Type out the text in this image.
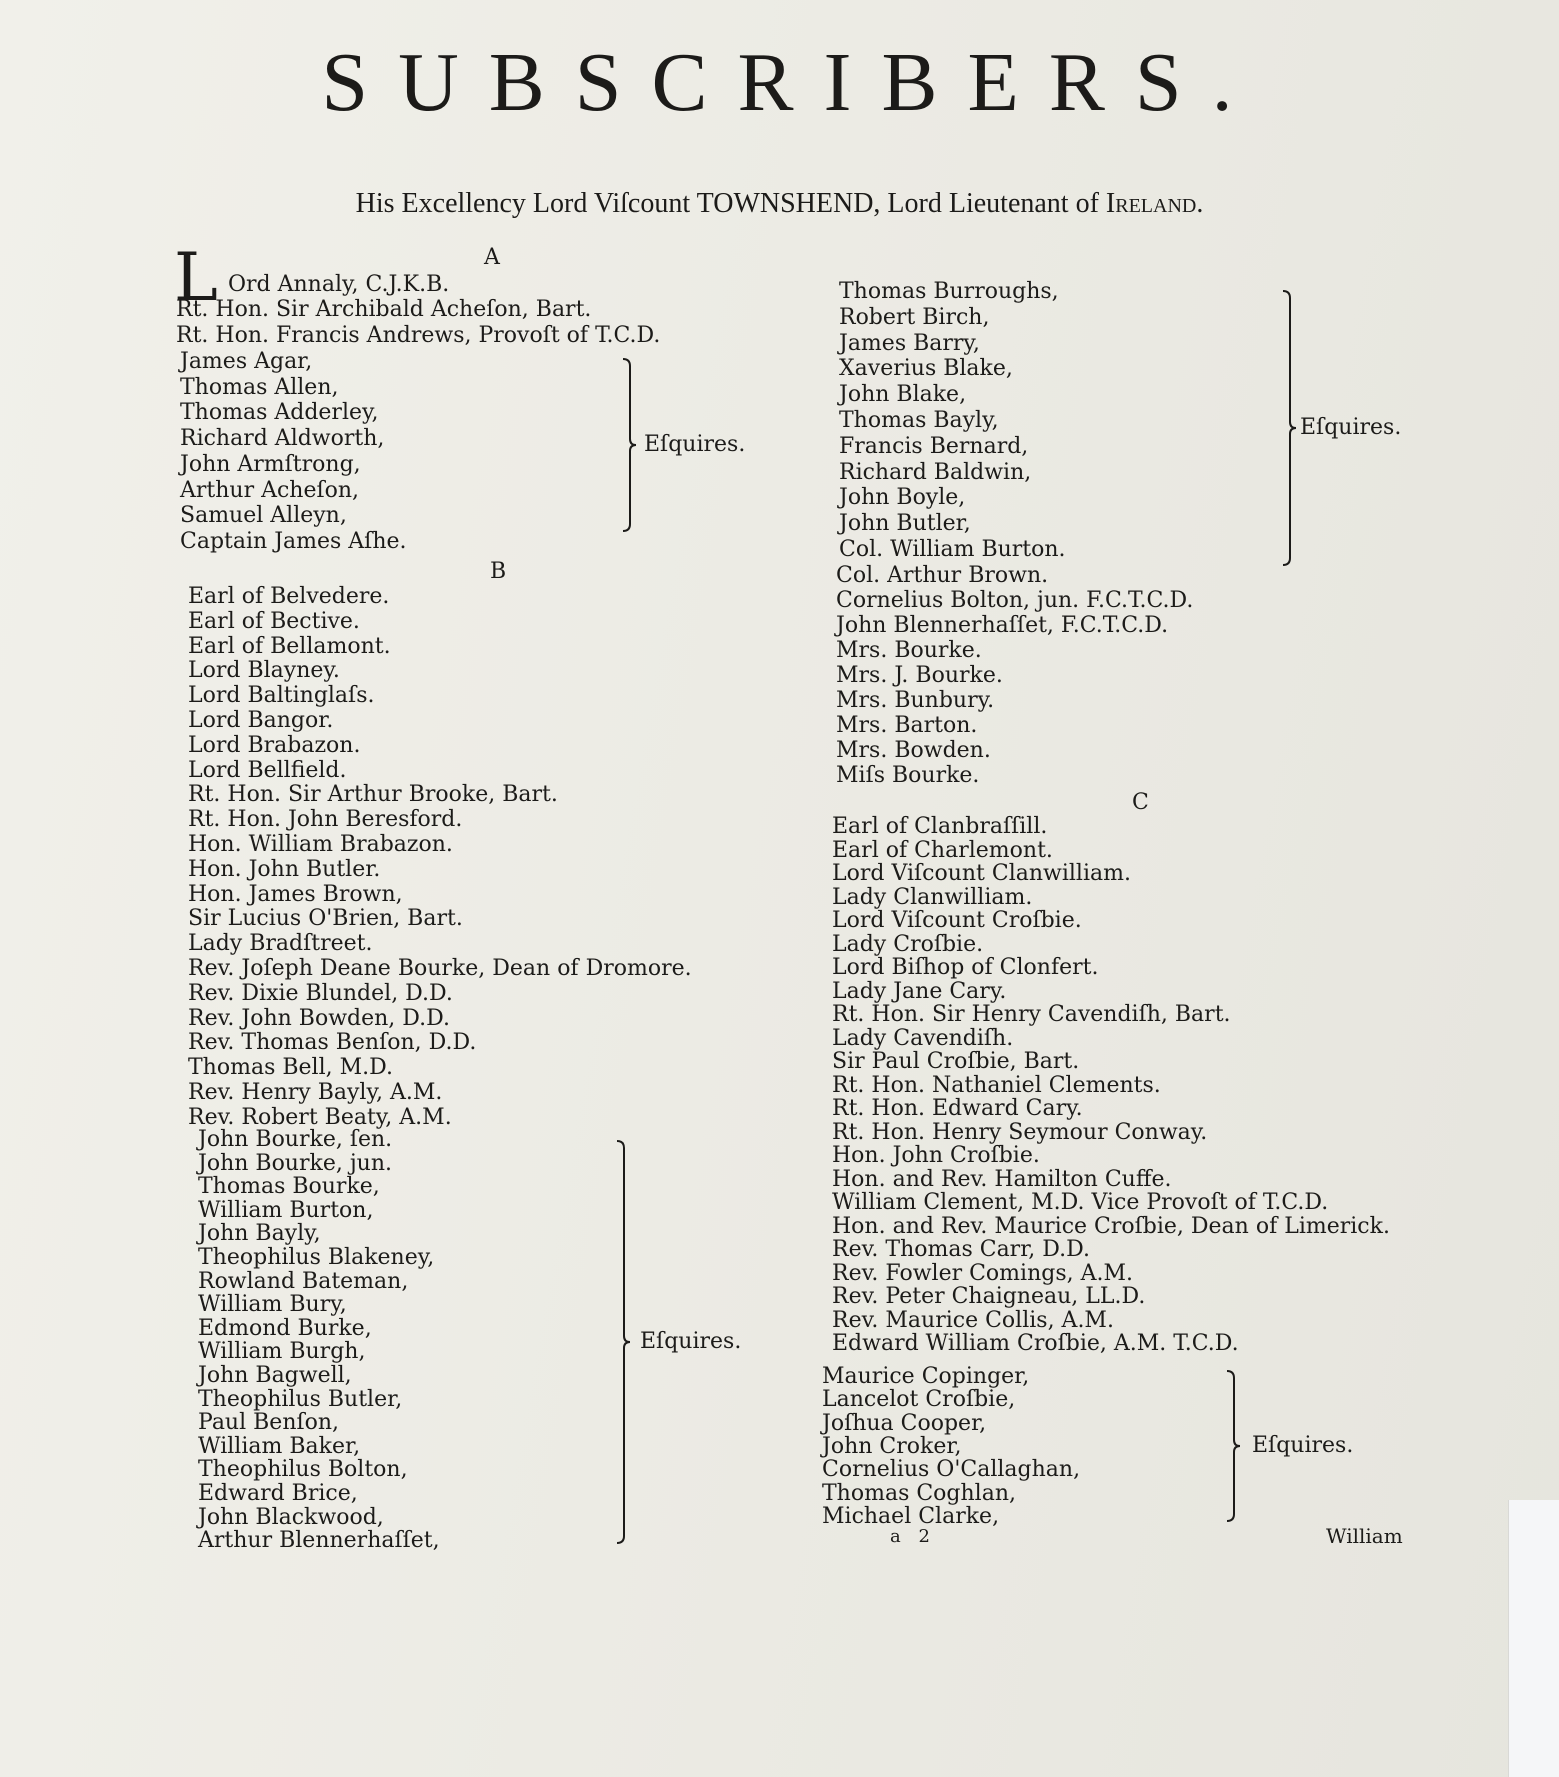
SUBSCRIBERS.
His Excellency Lord Viſcount TOWNSHEND, Lord Lieutenant of Ireland.
A
L Ord Annaly, C.J.K.B.
Rt. Hon. Sir Archibald Acheſon, Bart.
Rt. Hon. Francis Andrews, Provoſt of T.C.D.
James Agar,
Thomas Allen,
Thomas Adderley,
Richard Aldworth,
John Armſtrong,
Arthur Acheſon,
Samuel Alleyn,
Captain James Aſhe.
Eſquires.
B
Earl of Belvedere.
Earl of Bective.
Earl of Bellamont.
Lord Blayney.
Lord Baltinglaſs.
Lord Bangor.
Lord Brabazon.
Lord Bellfield.
Rt. Hon. Sir Arthur Brooke, Bart.
Rt. Hon. John Beresford.
Hon. William Brabazon.
Hon. John Butler.
Hon. James Brown,
Sir Lucius O'Brien, Bart.
Lady Bradſtreet.
Rev. Joſeph Deane Bourke, Dean of Dromore.
Rev. Dixie Blundel, D.D.
Rev. John Bowden, D.D.
Rev. Thomas Benſon, D.D.
Thomas Bell, M.D.
Rev. Henry Bayly, A.M.
Rev. Robert Beaty, A.M.
John Bourke, ſen.
John Bourke, jun.
Thomas Bourke,
William Burton,
John Bayly,
Theophilus Blakeney,
Rowland Bateman,
William Bury,
Edmond Burke,
William Burgh,
John Bagwell,
Theophilus Butler,
Paul Benſon,
William Baker,
Theophilus Bolton,
Edward Brice,
John Blackwood,
Arthur Blennerhaſſet,
Eſquires.
Thomas Burroughs,
Robert Birch,
James Barry,
Xaverius Blake,
John Blake,
Thomas Bayly,
Francis Bernard,
Richard Baldwin,
John Boyle,
John Butler,
Col. William Burton.
Eſquires.
Col. Arthur Brown.
Cornelius Bolton, jun. F.C.T.C.D.
John Blennerhaſſet, F.C.T.C.D.
Mrs. Bourke.
Mrs. J. Bourke.
Mrs. Bunbury.
Mrs. Barton.
Mrs. Bowden.
Miſs Bourke.
C
Earl of Clanbraſſill.
Earl of Charlemont.
Lord Viſcount Clanwilliam.
Lady Clanwilliam.
Lord Viſcount Croſbie.
Lady Croſbie.
Lord Biſhop of Clonfert.
Lady Jane Cary.
Rt. Hon. Sir Henry Cavendiſh, Bart.
Lady Cavendiſh.
Sir Paul Croſbie, Bart.
Rt. Hon. Nathaniel Clements.
Rt. Hon. Edward Cary.
Rt. Hon. Henry Seymour Conway.
Hon. John Croſbie.
Hon. and Rev. Hamilton Cuffe.
William Clement, M.D. Vice Provoſt of T.C.D.
Hon. and Rev. Maurice Croſbie, Dean of Limerick.
Rev. Thomas Carr, D.D.
Rev. Fowler Comings, A.M.
Rev. Peter Chaigneau, LL.D.
Rev. Maurice Collis, A.M.
Edward William Croſbie, A.M. T.C.D.
Maurice Copinger,
Lancelot Croſbie,
Joſhua Cooper,
John Croker,
Cornelius O'Callaghan,
Thomas Coghlan,
Michael Clarke,
Eſquires.
a 2	William
